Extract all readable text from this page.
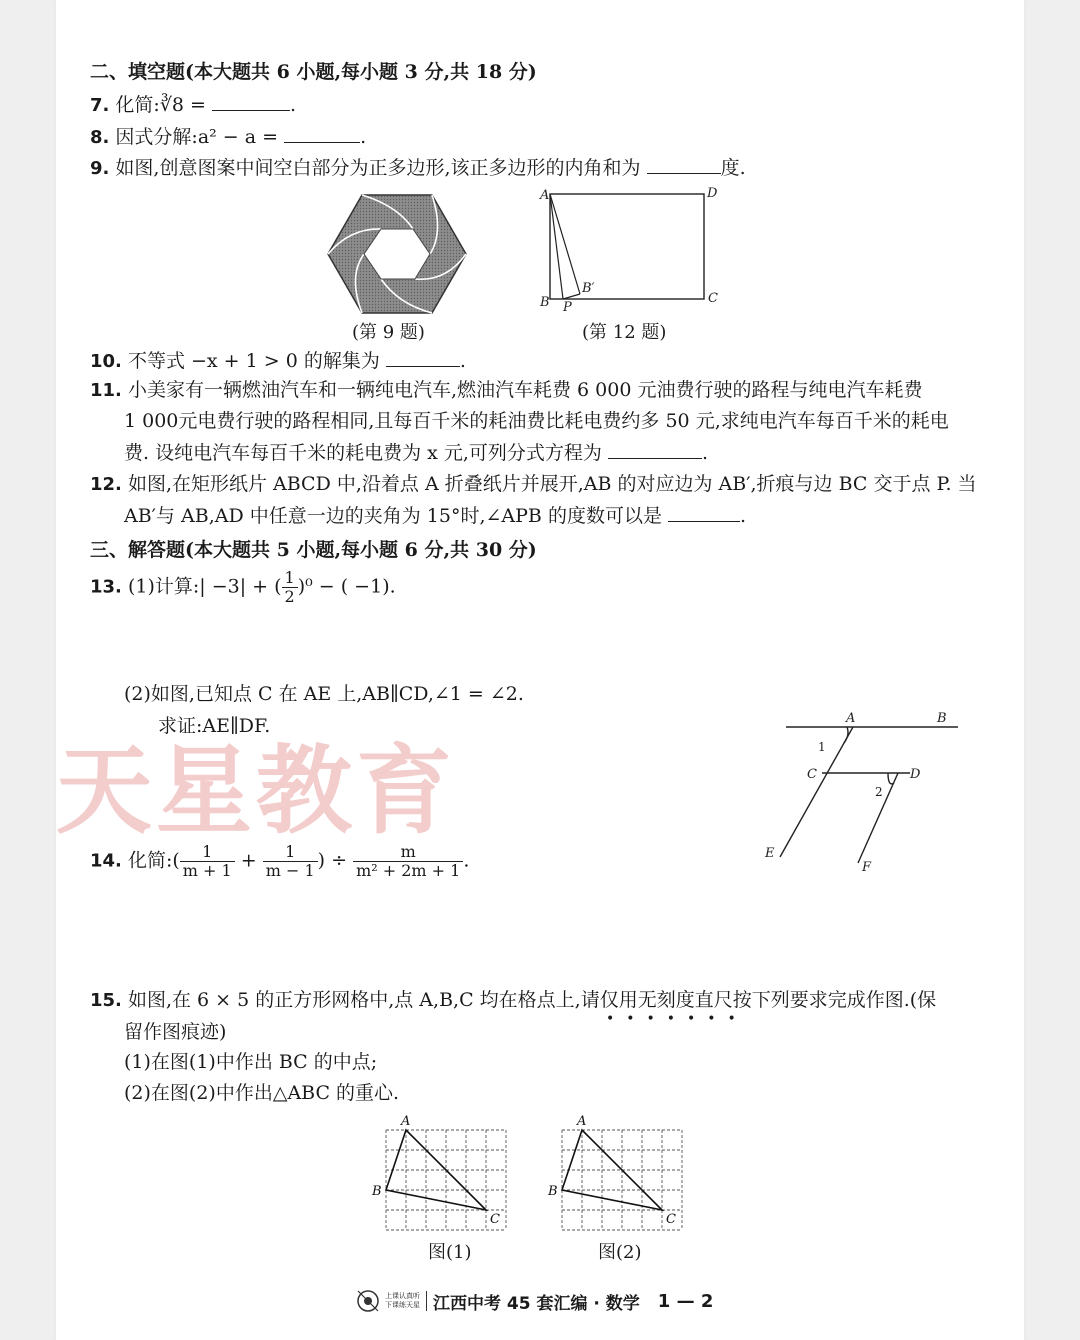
天星教育
二、填空题(本大题共 6 小题,每小题 3 分,共 18 分)
7. 化简:∛8 =	.
8. 因式分解:a² − a =	.
9. 如图,创意图案中间空白部分为正多边形,该正多边形的内角和为	度.
(第 9 题)
A	D
B P
B′
C
(第 12 题)
10. 不等式 −x + 1 > 0 的解集为	.
11. 小美家有一辆燃油汽车和一辆纯电汽车,燃油汽车耗费 6 000 元油费行驶的路程与纯电汽车耗费
1 000元电费行驶的路程相同,且每百千米的耗油费比耗电费约多 50 元,求纯电汽车每百千米的耗电
费. 设纯电汽车每百千米的耗电费为 x 元,可列分式方程为	.
12. 如图,在矩形纸片 ABCD 中,沿着点 A 折叠纸片并展开,AB 的对应边为 AB′,折痕与边 BC 交于点 P. 当
AB′与 AB,AD 中任意一边的夹角为 15°时,∠APB 的度数可以是	.
三、解答题(本大题共 5 小题,每小题 6 分,共 30 分)
13. (1)计算:| −3| + ( $\frac{1}{2} )^0$ − ( −1).
(2)如图,已知点 C 在 AE 上,AB∥CD,∠1 = ∠2.
求证:AE∥DF.	A	B
C	D
E
F
1
2
14. 化简:( $\frac{1}{m + 1} + \frac{1}{m - 1}$ ) ÷ $\frac{m}{\text{m² + 2m + 1}}$ .
15. 如图,在 6 × 5 的正方形网格中,点 A,B,C 均在格点上,请仅用无刻度直尺按下列要求完成作图.(保
•••••••
留作图痕迹)
(1)在图(1)中作出 BC 的中点;
(2)在图(2)中作出△ABC 的重心.
A
B
C
图(1)
A
B
C
图(2)
上课认真听
下课练天星 江西中考 45 套汇编 · 数学 1 — 2
